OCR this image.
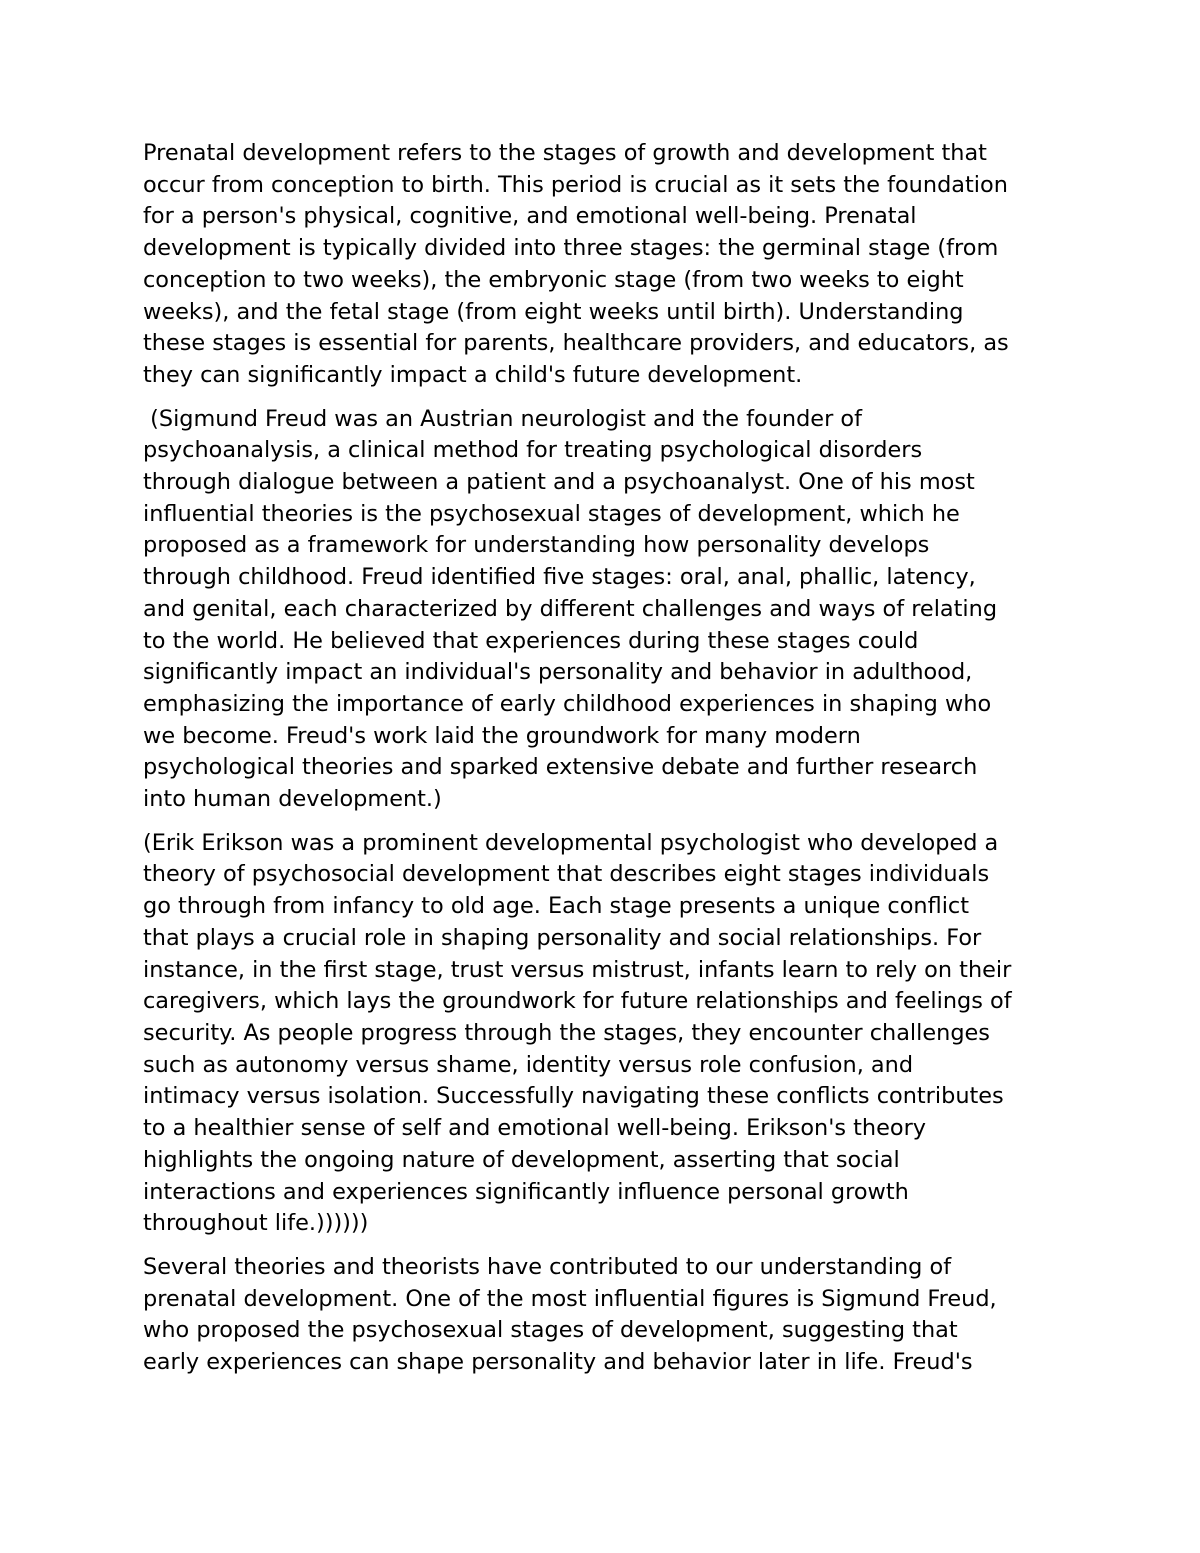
Prenatal development refers to the stages of growth and development that
occur from conception to birth. This period is crucial as it sets the foundation
for a person's physical, cognitive, and emotional well-being. Prenatal
development is typically divided into three stages: the germinal stage (from
conception to two weeks), the embryonic stage (from two weeks to eight
weeks), and the fetal stage (from eight weeks until birth). Understanding
these stages is essential for parents, healthcare providers, and educators, as
they can significantly impact a child's future development.

(Sigmund Freud was an Austrian neurologist and the founder of
psychoanalysis, a clinical method for treating psychological disorders
through dialogue between a patient and a psychoanalyst. One of his most
influential theories is the psychosexual stages of development, which he
proposed as a framework for understanding how personality develops
through childhood. Freud identified five stages: oral, anal, phallic, latency,
and genital, each characterized by different challenges and ways of relating
to the world. He believed that experiences during these stages could
significantly impact an individual's personality and behavior in adulthood,
emphasizing the importance of early childhood experiences in shaping who
we become. Freud's work laid the groundwork for many modern
psychological theories and sparked extensive debate and further research
into human development.)

(Erik Erikson was a prominent developmental psychologist who developed a
theory of psychosocial development that describes eight stages individuals
go through from infancy to old age. Each stage presents a unique conflict
that plays a crucial role in shaping personality and social relationships. For
instance, in the first stage, trust versus mistrust, infants learn to rely on their
caregivers, which lays the groundwork for future relationships and feelings of
security. As people progress through the stages, they encounter challenges
such as autonomy versus shame, identity versus role confusion, and
intimacy versus isolation. Successfully navigating these conflicts contributes
to a healthier sense of self and emotional well-being. Erikson's theory
highlights the ongoing nature of development, asserting that social
interactions and experiences significantly influence personal growth
throughout life.))))))

Several theories and theorists have contributed to our understanding of
prenatal development. One of the most influential figures is Sigmund Freud,
who proposed the psychosexual stages of development, suggesting that
early experiences can shape personality and behavior later in life. Freud's
